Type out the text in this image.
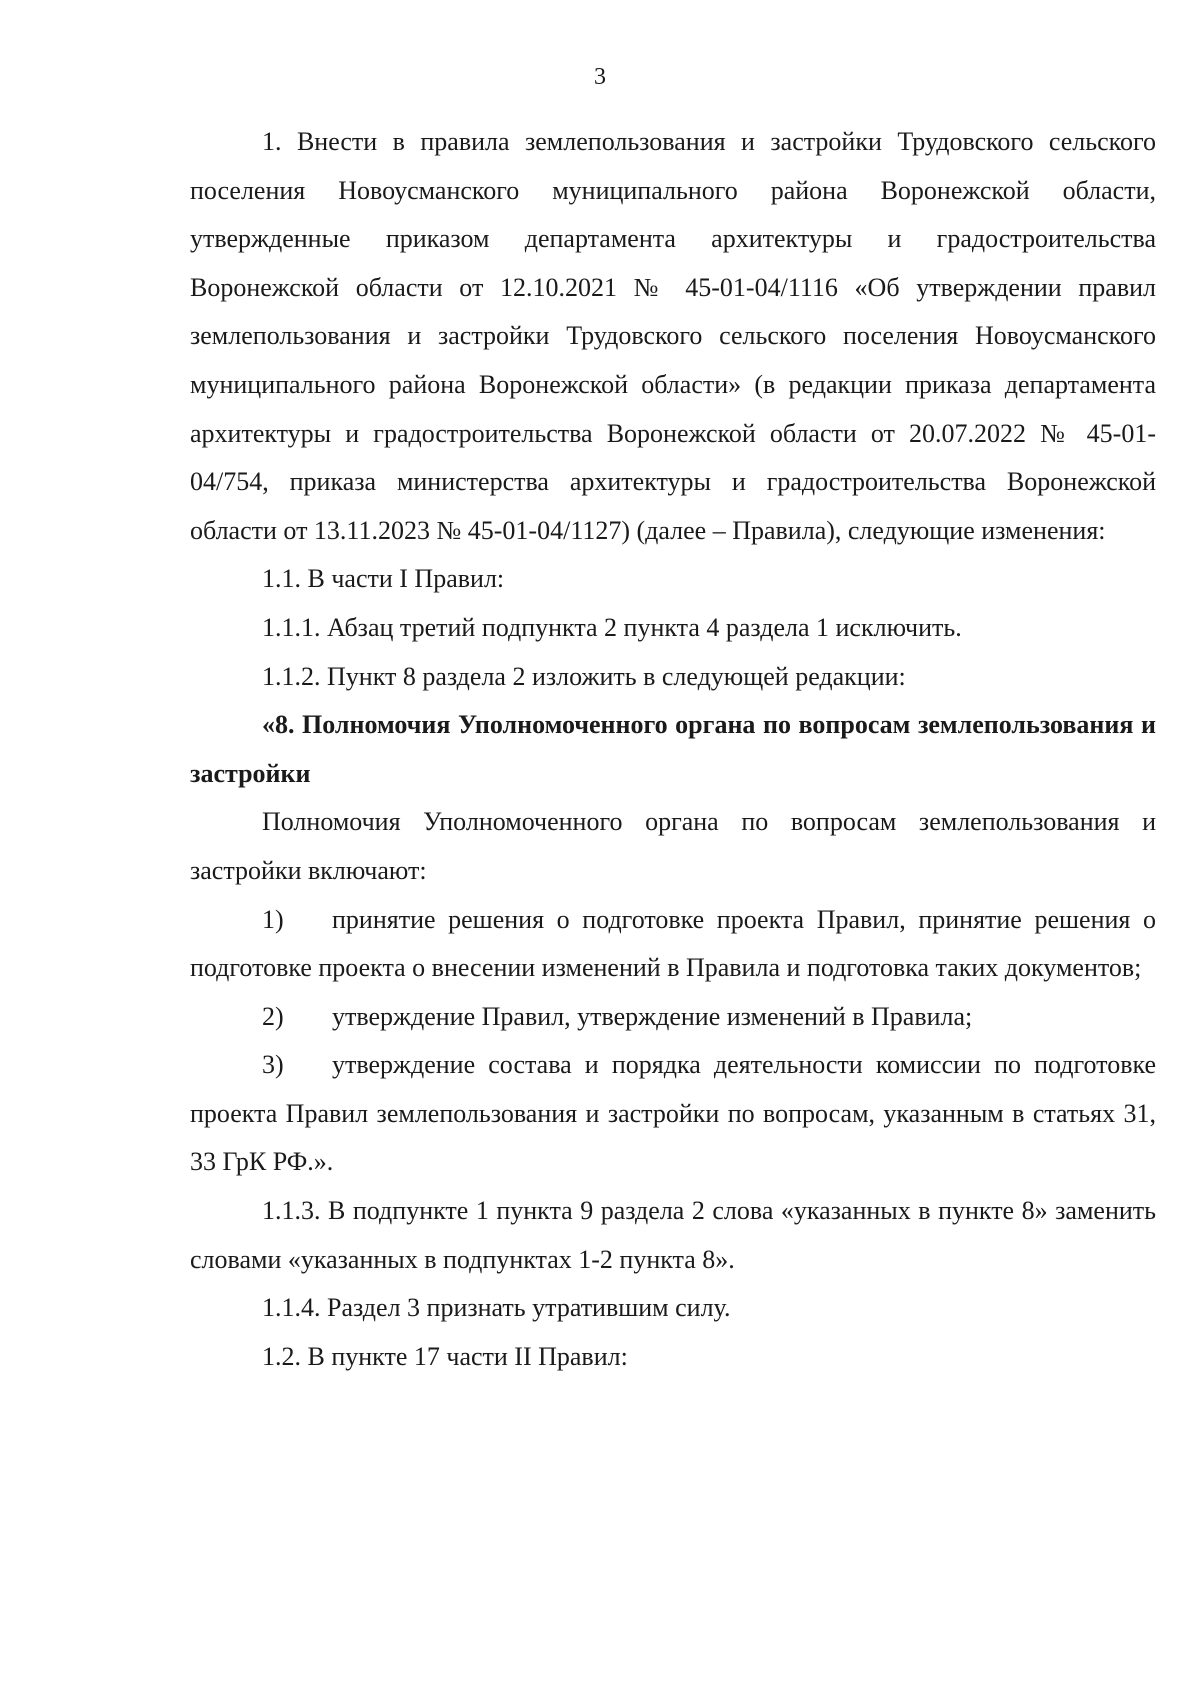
3

1. Внести в правила землепользования и застройки Трудовского сельского поселения Новоусманского муниципального района Воронежской области, утвержденные приказом департамента архитектуры и градостроительства Воронежской области от 12.10.2021 № 45-01-04/1116 «Об утверждении правил землепользования и застройки Трудовского сельского поселения Новоусманского муниципального района Воронежской области» (в редакции приказа департамента архитектуры и градостроительства Воронежской области от 20.07.2022 № 45-01-04/754, приказа министерства архитектуры и градостроительства Воронежской области от 13.11.2023 № 45-01-04/1127) (далее – Правила), следующие изменения:

1.1. В части I Правил:

1.1.1. Абзац третий подпункта 2 пункта 4 раздела 1 исключить.

1.1.2. Пункт 8 раздела 2 изложить в следующей редакции:

«8. Полномочия Уполномоченного органа по вопросам землепользования и застройки

Полномочия Уполномоченного органа по вопросам землепользования и застройки включают:

1) принятие решения о подготовке проекта Правил, принятие решения о подготовке проекта о внесении изменений в Правила и подготовка таких документов;

2) утверждение Правил, утверждение изменений в Правила;

3) утверждение состава и порядка деятельности комиссии по подготовке проекта Правил землепользования и застройки по вопросам, указанным в статьях 31, 33 ГрК РФ.».

1.1.3. В подпункте 1 пункта 9 раздела 2 слова «указанных в пункте 8» заменить словами «указанных в подпунктах 1-2 пункта 8».

1.1.4. Раздел 3 признать утратившим силу.

1.2. В пункте 17 части II Правил:
